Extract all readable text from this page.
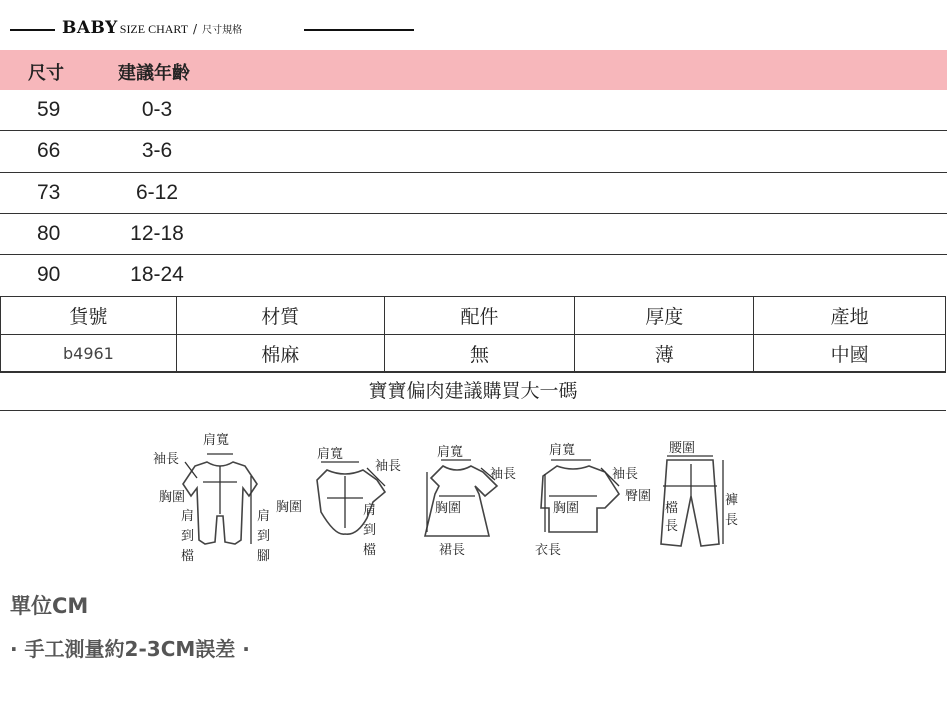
BABY SIZE CHART / 尺寸規格
尺寸	建議年齡
59	0-3
66	3-6
73	6-12
80	12-18
90	18-24
貨號	材質	配件	厚度	產地
b4961	棉麻	無	薄	中國
寶寶偏肉建議購買大一碼
肩寬
袖長
胸圍
肩
到
檔
肩
到
腳
肩寬
袖長
胸圍	肩
到
檔
肩寬
袖長
胸圍
裙長
肩寬
袖長
胸圍
衣長
腰圍
臀圍
檔
長
褲
長
單位CM
· 手工測量約2-3CM誤差 ·
